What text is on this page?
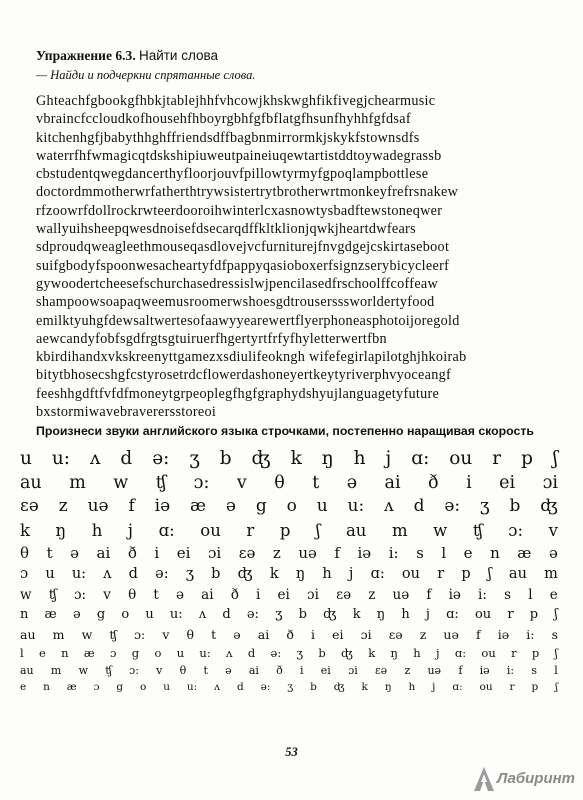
Упражнение 6.3. Найти слова
— Найди и подчеркни спрятанные слова.
Ghteachfgbookgfhbkjtablejhhfvhcowjkhskwghfikfivegjchearmusic
vbraincfccloudkofhousehfhboyrgbhfgfbflatgfhsunfhyhhfgfdsaf
kitchenhgfjbabythhghffriendsdffbagbnmirrormkjskykfstownsdfs
waterrfhfwmagicqtdskshipiuweutpaineiuqewtartistddtoywadegrassb
cbstudentqwegdancerthyfloorjouvfpillowtyrmyfgpoqlampbottlese
doctordmmotherwrfatherthtrywsistertrytbrotherwrtmonkeyfrefrsnakew
rfzoowrfdollrockrwteerdooroihwinterlcxasnowtysbadftewstoneqwer
wallyuihsheepqwesdnoisefdsecarqdffkltklionjqwkjheartdwfears
sdproudqweagleethmouseqasdlovejvcfurniturejfnvgdgejcskirtaseboot
suifgbodyfspoonwesacheartyfdfpappyqasioboxerfsignzserybicycleerf
gywoodertcheesefschurchasedressislwjpencilasedfrschoolffcoffeaw
shampoowsoapaqweemusroomerwshoesgdtrousersssworldertyfood
emilktyuhgfdewsaltwertesofaawyyearewertflyerphoneasphotoijoregold
aewcandyfobfsgdfrgtsgtuiruerfhgertyrtfrfyfhyletterwertfbn
kbirdihandxvkskreenyttgamezxsdiulifeokngh wifefegirlapilotghjhkoirab
bitytbhosecshgfcstyrosetrdcflowerdashoneyertkeytyriverphvyoceangf
feeshhgdftfvfdfmoneytgrpeoplegfhgfgraphydshyujlanguagetyfuture
bxstormiwavebraverersstoreoi
Произнеси звуки английского языка строчками, постепенно наращивая скорость
u u: ʌ d ə: ʒ b ʤ k ŋ h j ɑ: ou r p ʃ
au m w ʧ ɔ: v θ t ə ai ð i ei ɔi
ɛə z uə f iə æ ə g o u u: ʌ d ə: ʒ b ʤ
k ŋ h j ɑ: ou r p ʃ au m w ʧ ɔ: v
θ t ə ai ð i ei ɔi ɛə z uə f iə i: s l e n æ ə
ɔ u u: ʌ d ə: ʒ b ʤ k ŋ h j ɑ: ou r p ʃ au m
w ʧ ɔ: v θ t ə ai ð i ei ɔi ɛə z uə f iə i: s l e
n æ ə g o u u: ʌ d ə: ʒ b ʤ k ŋ h j ɑ: ou r p ʃ
au m w ʧ ɔ: v θ t ə ai ð i ei ɔi ɛə z uə f iə i: s
l e n æ ɔ g o u u: ʌ d ə: ʒ b ʤ k ŋ h j ɑ: ou r p ʃ
au m w ʧ ɔ: v θ t ə ai ð i ei ɔi ɛə z uə f iə i: s l
e n æ ɔ g o u u: ʌ d ə: ʒ b ʤ k ŋ h j ɑ: ou r p ʃ
53
Лабиринт
